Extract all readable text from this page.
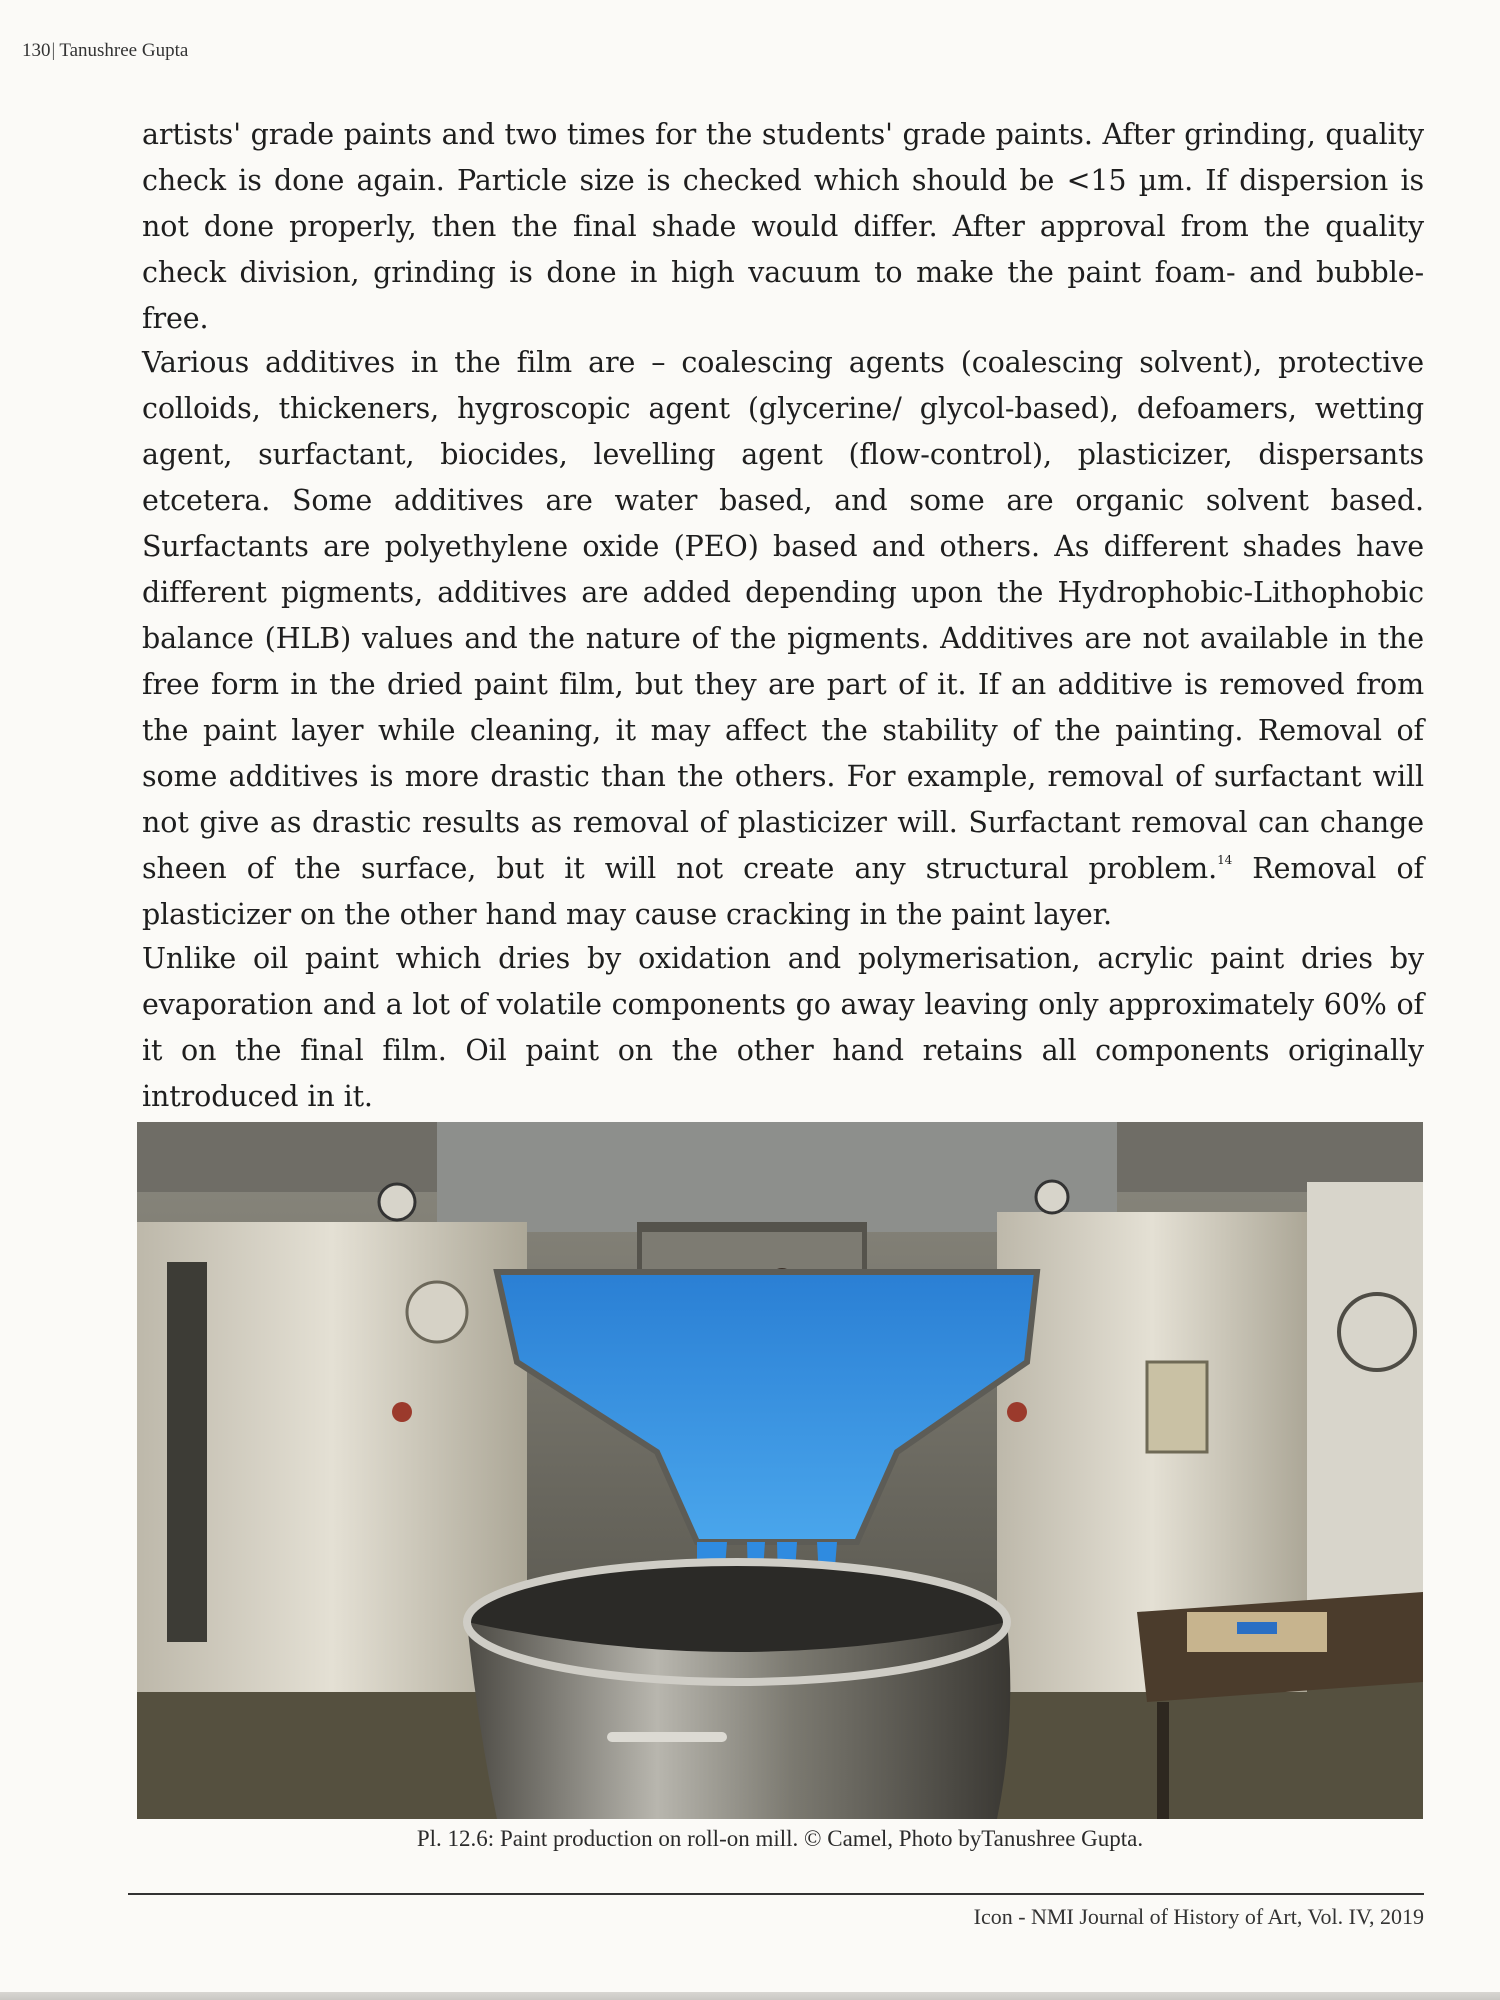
130| Tanushree Gupta

artists' grade paints and two times for the students' grade paints. After grinding, quality check is done again. Particle size is checked which should be <15 µm. If dispersion is not done properly, then the final shade would differ. After approval from the quality check division, grinding is done in high vacuum to make the paint foam- and bubble-free.

Various additives in the film are – coalescing agents (coalescing solvent), protective colloids, thickeners, hygroscopic agent (glycerine/ glycol-based), defoamers, wetting agent, surfactant, biocides, levelling agent (flow-control), plasticizer, dispersants etcetera. Some additives are water based, and some are organic solvent based. Surfactants are polyethylene oxide (PEO) based and others. As different shades have different pigments, additives are added depending upon the Hydrophobic-Lithophobic balance (HLB) values and the nature of the pigments. Additives are not available in the free form in the dried paint film, but they are part of it. If an additive is removed from the paint layer while cleaning, it may affect the stability of the painting. Removal of some additives is more drastic than the others. For example, removal of surfactant will not give as drastic results as removal of plasticizer will. Surfactant removal can change sheen of the surface, but it will not create any structural problem.$^{14}$ Removal of plasticizer on the other hand may cause cracking in the paint layer.

Unlike oil paint which dries by oxidation and polymerisation, acrylic paint dries by evaporation and a lot of volatile components go away leaving only approximately 60% of it on the final film. Oil paint on the other hand retains all components originally introduced in it.

Pl. 12.6: Paint production on roll-on mill. © Camel, Photo byTanushree Gupta.
Icon - NMI Journal of History of Art, Vol. IV, 2019
